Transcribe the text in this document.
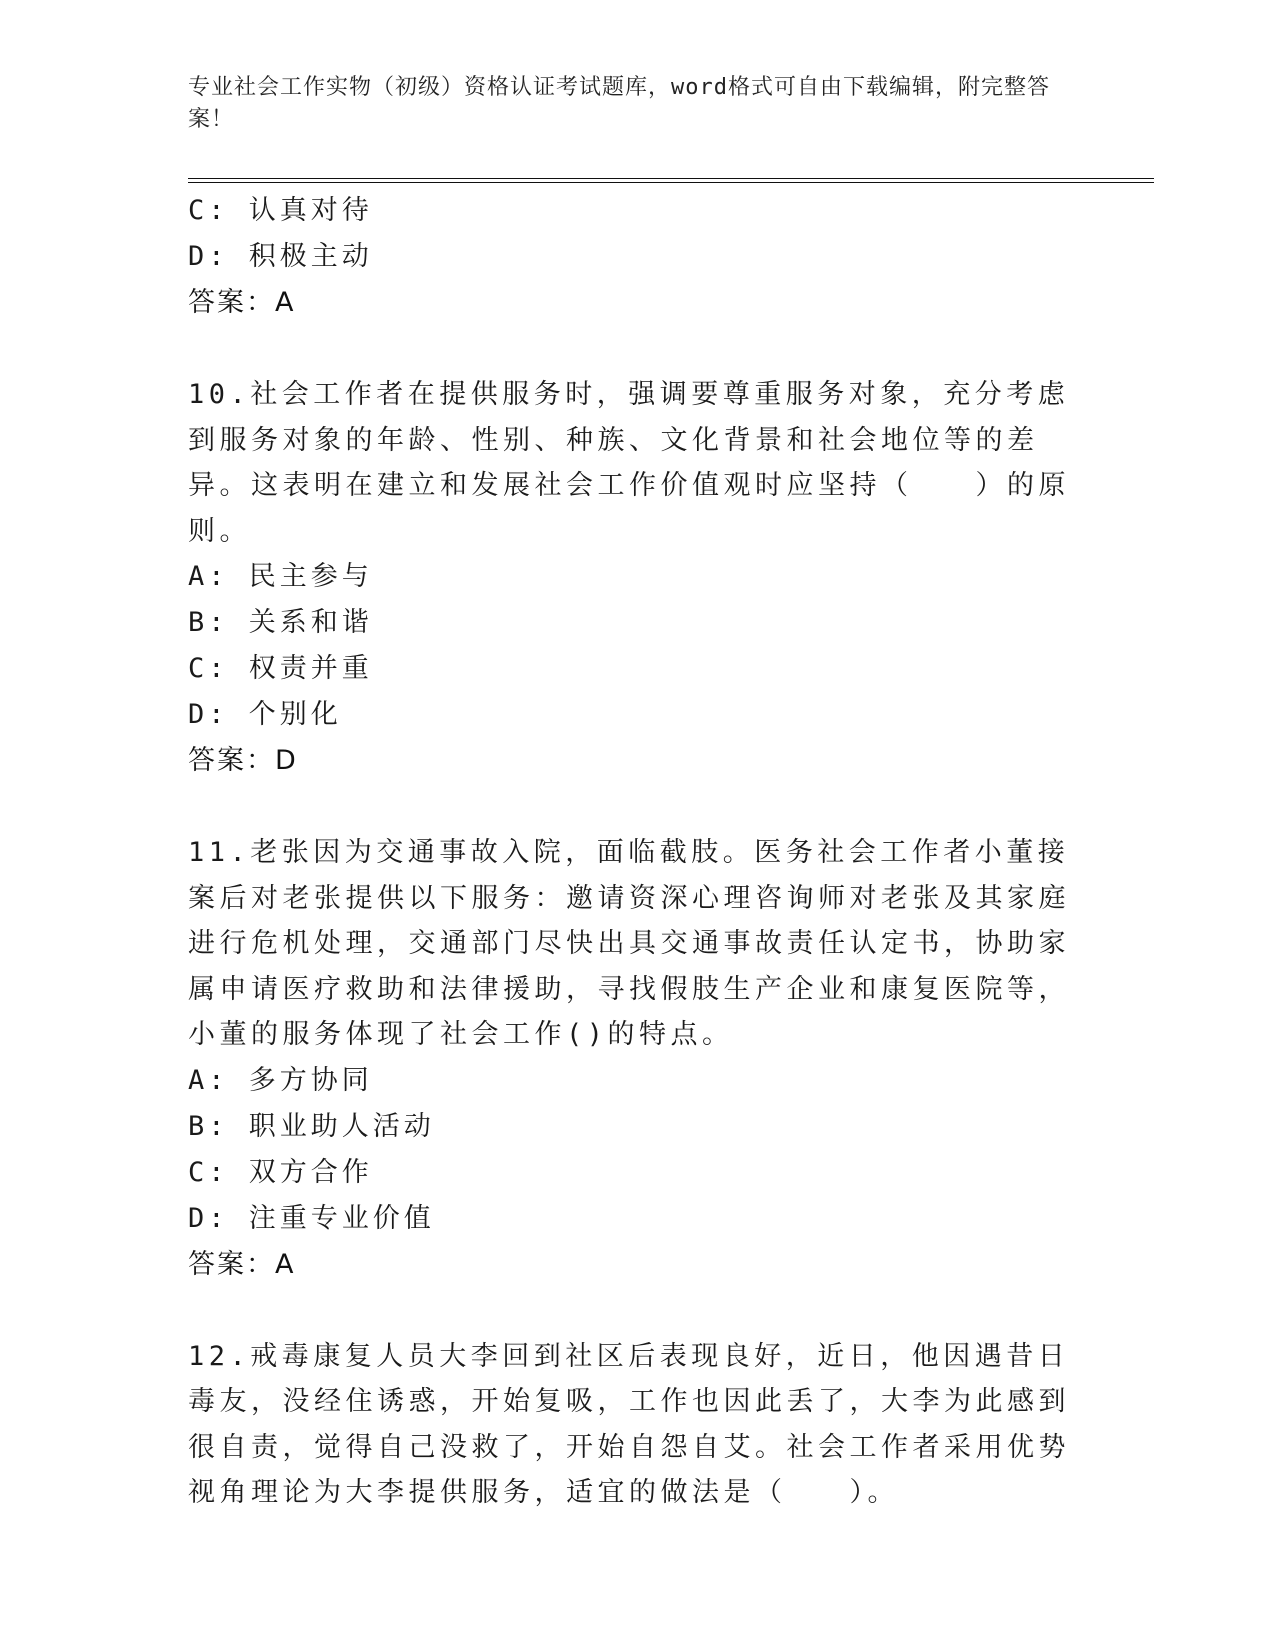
专业社会工作实物（初级）资格认证考试题库，word格式可自由下载编辑，附完整答案！
C: 认真对待
D: 积极主动
答案：A
10.社会工作者在提供服务时，强调要尊重服务对象，充分考虑到服务对象的年龄、性别、种族、文化背景和社会地位等的差异。这表明在建立和发展社会工作价值观时应坚持（　　）的原则。
A: 民主参与
B: 关系和谐
C: 权责并重
D: 个别化
答案：D
11.老张因为交通事故入院，面临截肢。医务社会工作者小董接案后对老张提供以下服务：邀请资深心理咨询师对老张及其家庭进行危机处理，交通部门尽快出具交通事故责任认定书，协助家属申请医疗救助和法律援助，寻找假肢生产企业和康复医院等，小董的服务体现了社会工作()的特点。
A: 多方协同
B: 职业助人活动
C: 双方合作
D: 注重专业价值
答案：A
12.戒毒康复人员大李回到社区后表现良好，近日，他因遇昔日毒友，没经住诱惑，开始复吸，工作也因此丢了，大李为此感到很自责，觉得自己没救了，开始自怨自艾。社会工作者采用优势视角理论为大李提供服务，适宜的做法是（　　）。
